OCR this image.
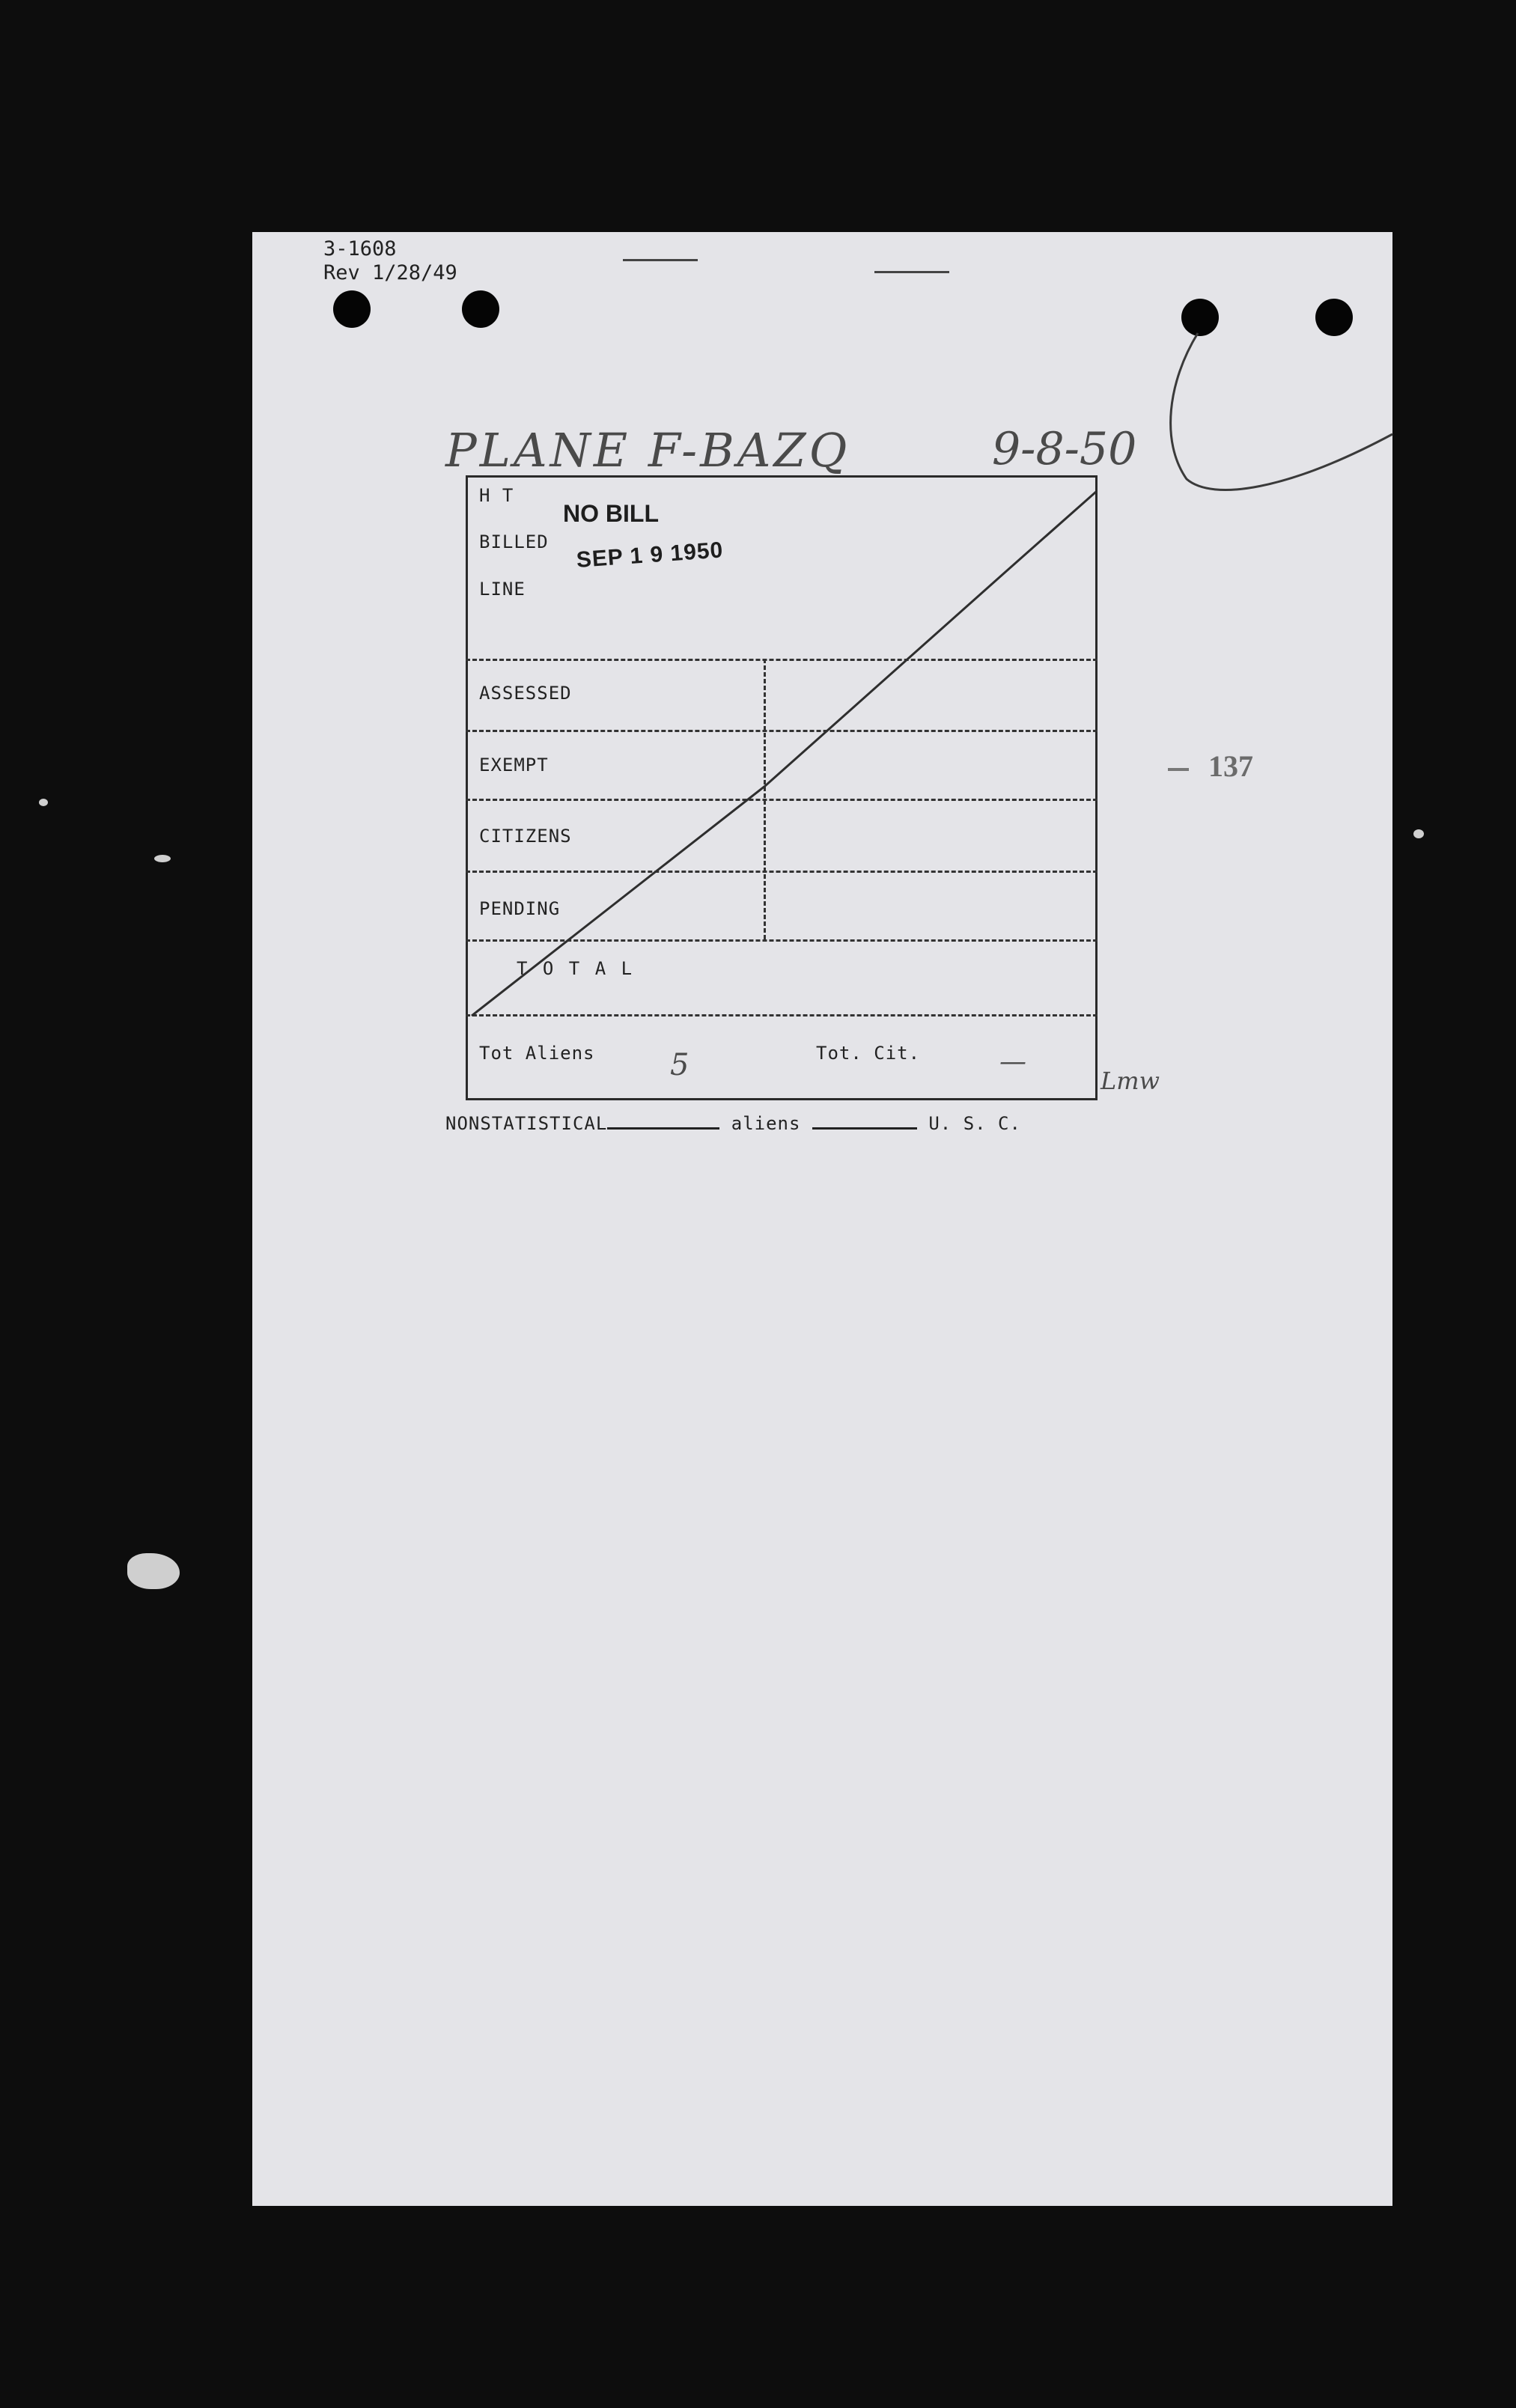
3-1608
Rev 1/28/49
PLANE F-BAZQ	9-8-50
H T
BILLED
LINE
NO BILL
SEP 1 9 1950
ASSESSED
EXEMPT
CITIZENS
PENDING
T O T A L
Tot Aliens	5	Tot. Cit.	—
Lmw
NONSTATISTICAL	aliens	U. S. C.
137
